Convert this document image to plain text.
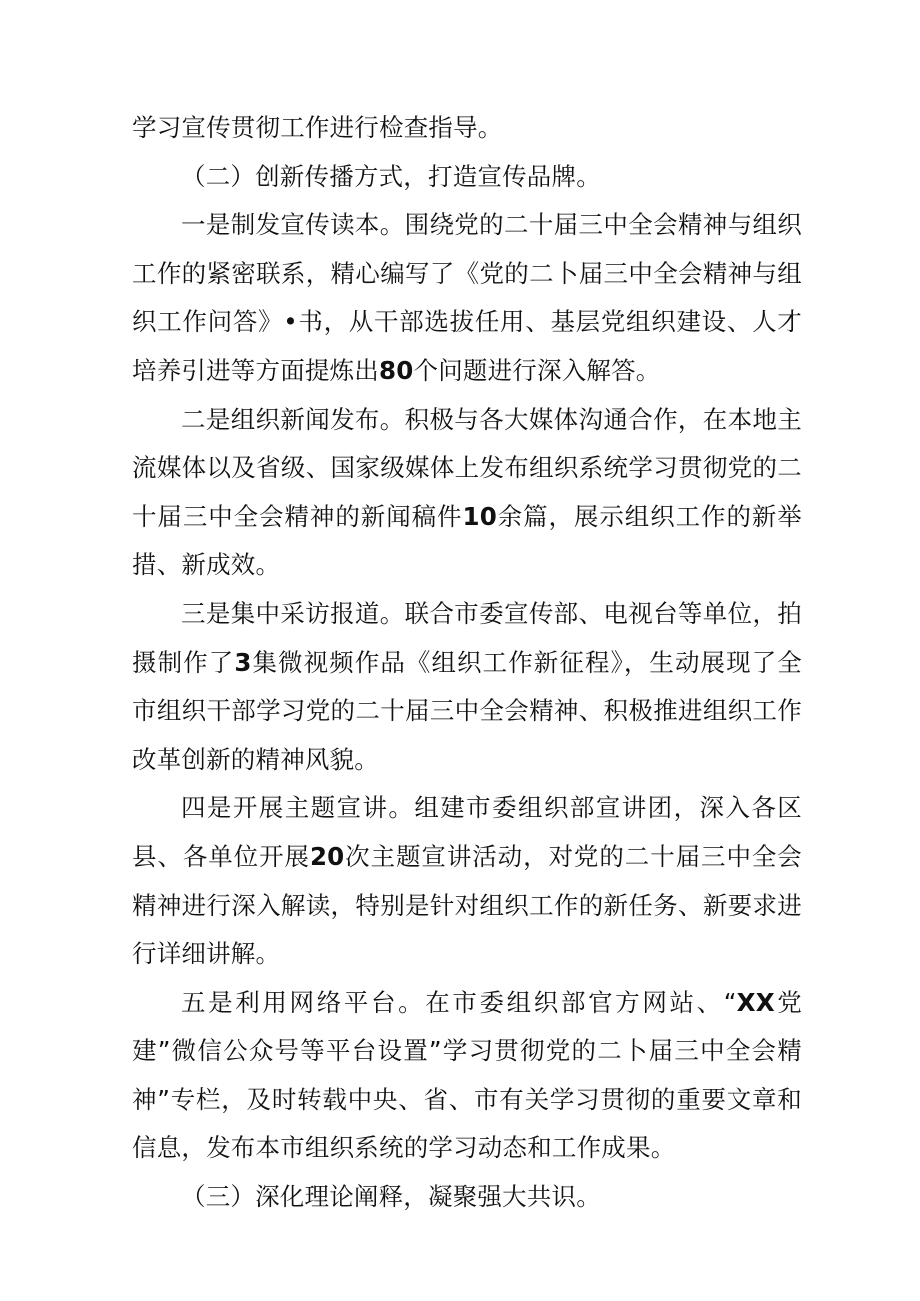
学习宣传贯彻工作进行检查指导。

（二）创新传播方式，打造宣传品牌。

一是制发宣传读本。围绕党的二十届三中全会精神与组织工作的紧密联系，精心编写了《党的二卜届三中全会精神与组织工作问答》•书，从干部选拔任用、基层党组织建设、人才培养引进等方面提炼出80个问题进行深入解答。

二是组织新闻发布。积极与各大媒体沟通合作，在本地主流媒体以及省级、国家级媒体上发布组织系统学习贯彻党的二十届三中全会精神的新闻稿件10余篇，展示组织工作的新举措、新成效。

三是集中采访报道。联合市委宣传部、电视台等单位，拍摄制作了3集微视频作品《组织工作新征程》，生动展现了全市组织干部学习党的二十届三中全会精神、积极推进组织工作改革创新的精神风貌。

四是开展主题宣讲。组建市委组织部宣讲团，深入各区县、各单位开展20次主题宣讲活动，对党的二十届三中全会精神进行深入解读，特别是针对组织工作的新任务、新要求进行详细讲解。

五是利用网络平台。在市委组织部官方网站、“XX党建”微信公众号等平台设置”学习贯彻党的二卜届三中全会精神”专栏，及时转载中央、省、市有关学习贯彻的重要文章和信息，发布本市组织系统的学习动态和工作成果。

（三）深化理论阐释，凝聚强大共识。
